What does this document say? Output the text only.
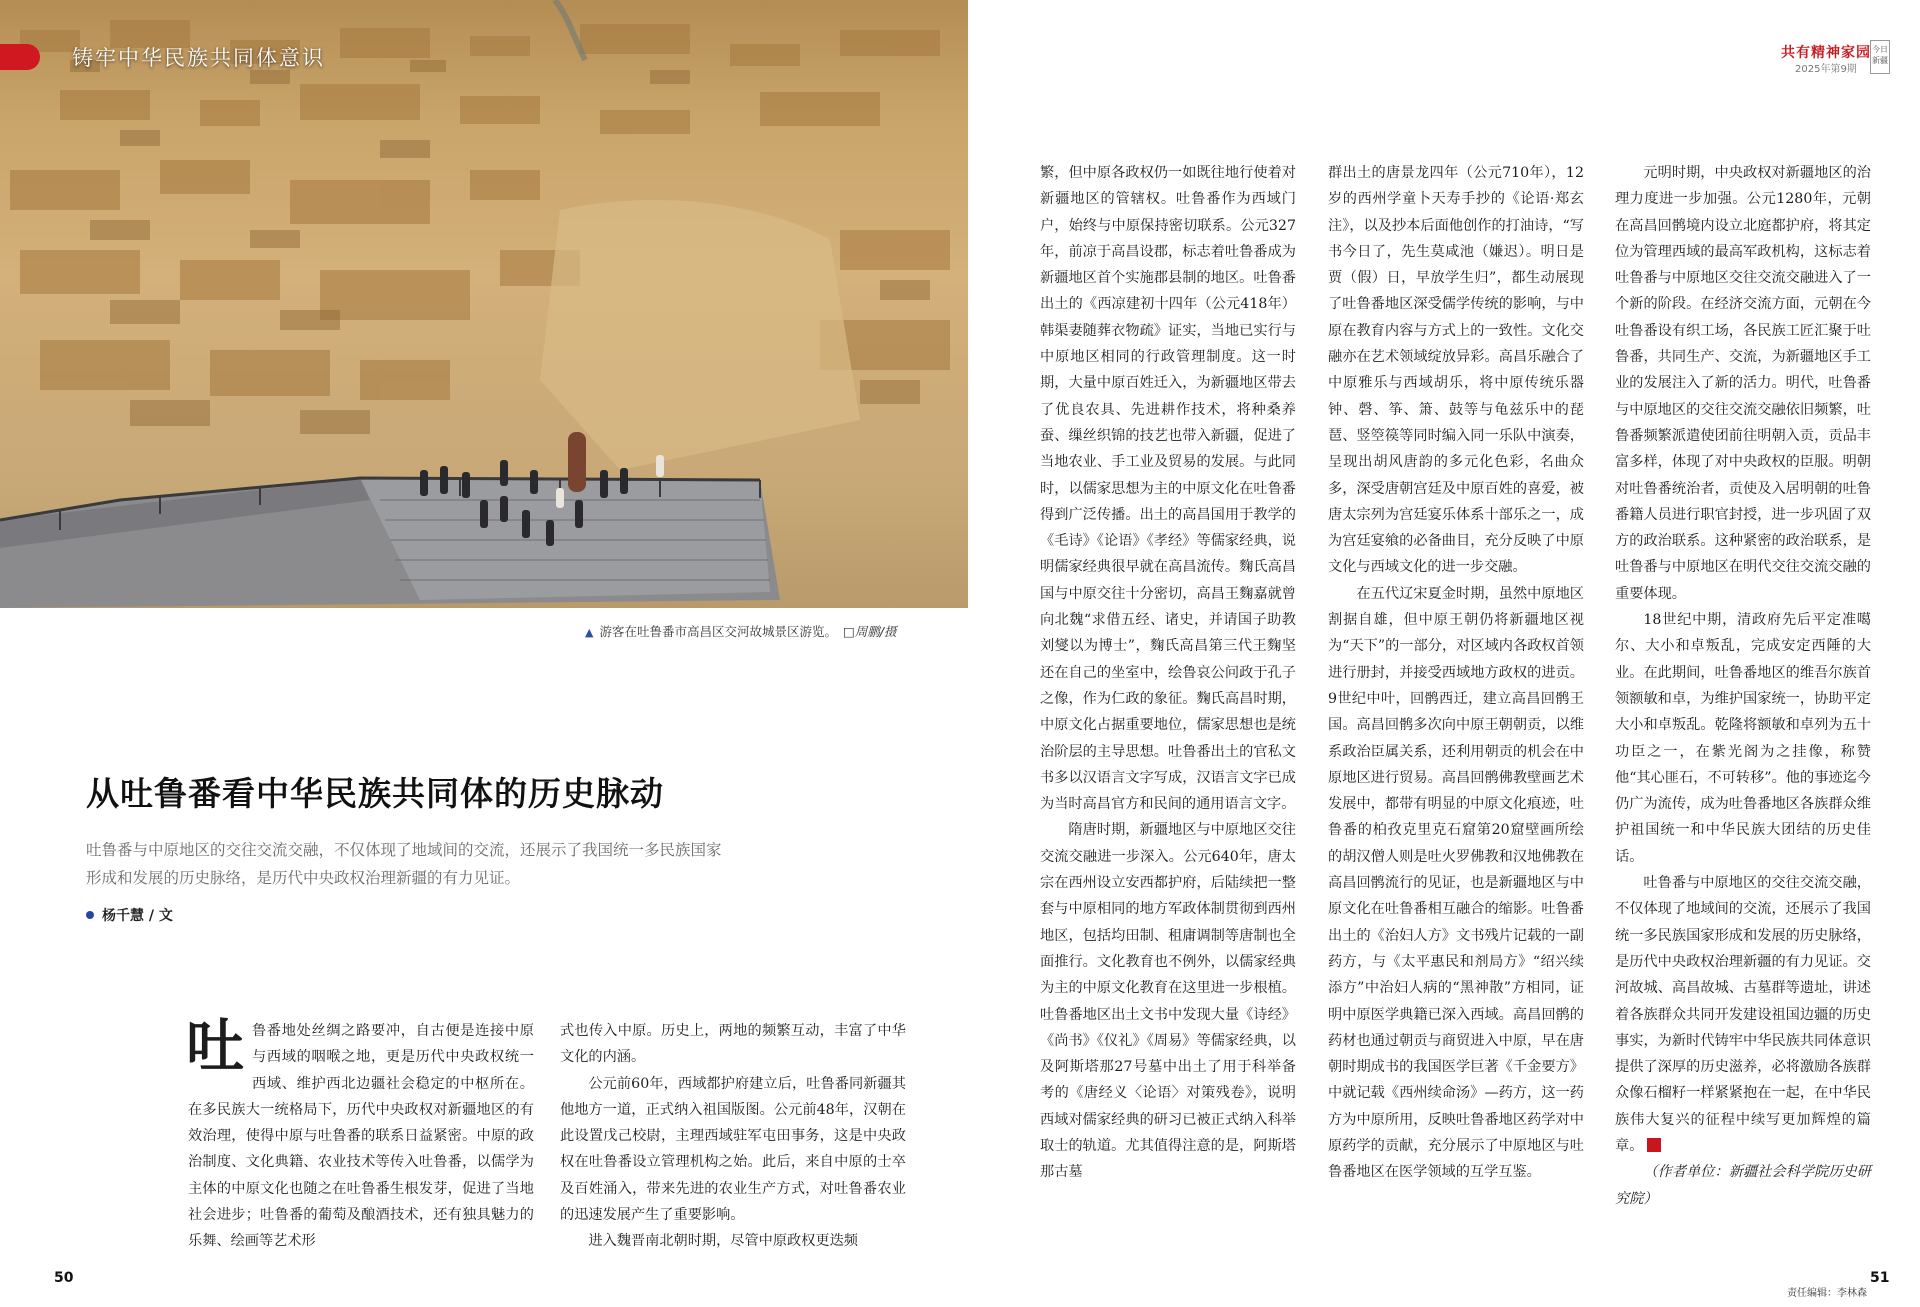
铸牢中华民族共同体意识
▲ 游客在吐鲁番市高昌区交河故城景区游览。 □周鹏/摄
共有精神家园
2025年第9期
今日新疆
从吐鲁番看中华民族共同体的历史脉动
吐鲁番与中原地区的交往交流交融，不仅体现了地域间的交流，还展示了我国统一多民族国家形成和发展的历史脉络，是历代中央政权治理新疆的有力见证。
杨千慧 / 文
吐 鲁番地处丝绸之路要冲，自古便是连接中原与西域的咽喉之地，更是历代中央政权统一西域、维护西北边疆社会稳定的中枢所在。在多民族大一统格局下，历代中央政权对新疆地区的有效治理，使得中原与吐鲁番的联系日益紧密。中原的政治制度、文化典籍、农业技术等传入吐鲁番，以儒学为主体的中原文化也随之在吐鲁番生根发芽，促进了当地社会进步；吐鲁番的葡萄及酿酒技术，还有独具魅力的乐舞、绘画等艺术形

式也传入中原。历史上，两地的频繁互动，丰富了中华文化的内涵。

公元前60年，西域都护府建立后，吐鲁番同新疆其他地方一道，正式纳入祖国版图。公元前48年，汉朝在此设置戊己校尉，主理西域驻军屯田事务，这是中央政权在吐鲁番设立管理机构之始。此后，来自中原的士卒及百姓涌入，带来先进的农业生产方式，对吐鲁番农业的迅速发展产生了重要影响。

进入魏晋南北朝时期，尽管中原政权更迭频

繁，但中原各政权仍一如既往地行使着对新疆地区的管辖权。吐鲁番作为西域门户，始终与中原保持密切联系。公元327年，前凉于高昌设郡，标志着吐鲁番成为新疆地区首个实施郡县制的地区。吐鲁番出土的《西凉建初十四年（公元418年）韩渠妻随葬衣物疏》证实，当地已实行与中原地区相同的行政管理制度。这一时期，大量中原百姓迁入，为新疆地区带去了优良农具、先进耕作技术，将种桑养蚕、缫丝织锦的技艺也带入新疆，促进了当地农业、手工业及贸易的发展。与此同时，以儒家思想为主的中原文化在吐鲁番得到广泛传播。出土的高昌国用于教学的《毛诗》《论语》《孝经》等儒家经典，说明儒家经典很早就在高昌流传。麴氏高昌国与中原交往十分密切，高昌王麴嘉就曾向北魏“求借五经、诸史，并请国子助教刘燮以为博士”，麴氏高昌第三代王麴坚还在自己的坐室中，绘鲁哀公问政于孔子之像，作为仁政的象征。麴氏高昌时期，中原文化占据重要地位，儒家思想也是统治阶层的主导思想。吐鲁番出土的官私文书多以汉语言文字写成，汉语言文字已成为当时高昌官方和民间的通用语言文字。

隋唐时期，新疆地区与中原地区交往交流交融进一步深入。公元640年，唐太宗在西州设立安西都护府，后陆续把一整套与中原相同的地方军政体制贯彻到西州地区，包括均田制、租庸调制等唐制也全面推行。文化教育也不例外，以儒家经典为主的中原文化教育在这里进一步根植。吐鲁番地区出土文书中发现大量《诗经》《尚书》《仪礼》《周易》等儒家经典，以及阿斯塔那27号墓中出土了用于科举备考的《唐经义〈论语〉对策残卷》，说明西域对儒家经典的研习已被正式纳入科举取士的轨道。尤其值得注意的是，阿斯塔那古墓

群出土的唐景龙四年（公元710年），12岁的西州学童卜天寿手抄的《论语·郑玄注》，以及抄本后面他创作的打油诗，“写书今日了，先生莫咸池（嫌迟）。明日是贾（假）日，早放学生归”，都生动展现了吐鲁番地区深受儒学传统的影响，与中原在教育内容与方式上的一致性。文化交融亦在艺术领域绽放异彩。高昌乐融合了中原雅乐与西域胡乐，将中原传统乐器钟、磬、筝、箫、鼓等与龟兹乐中的琵琶、竖箜篌等同时编入同一乐队中演奏，呈现出胡风唐韵的多元化色彩，名曲众多，深受唐朝宫廷及中原百姓的喜爱，被唐太宗列为宫廷宴乐体系十部乐之一，成为宫廷宴飨的必备曲目，充分反映了中原文化与西域文化的进一步交融。

在五代辽宋夏金时期，虽然中原地区割据自雄，但中原王朝仍将新疆地区视为“天下”的一部分，对区域内各政权首领进行册封，并接受西域地方政权的进贡。9世纪中叶，回鹘西迁，建立高昌回鹘王国。高昌回鹘多次向中原王朝朝贡，以维系政治臣属关系，还利用朝贡的机会在中原地区进行贸易。高昌回鹘佛教壁画艺术发展中，都带有明显的中原文化痕迹，吐鲁番的柏孜克里克石窟第20窟壁画所绘的胡汉僧人则是吐火罗佛教和汉地佛教在高昌回鹘流行的见证，也是新疆地区与中原文化在吐鲁番相互融合的缩影。吐鲁番出土的《治妇人方》文书残片记载的一副药方，与《太平惠民和剂局方》“绍兴续添方”中治妇人病的“黑神散”方相同，证明中原医学典籍已深入西域。高昌回鹘的药材也通过朝贡与商贸进入中原，早在唐朝时期成书的我国医学巨著《千金要方》中就记载《西州续命汤》—药方，这一药方为中原所用，反映吐鲁番地区药学对中原药学的贡献，充分展示了中原地区与吐鲁番地区在医学领域的互学互鉴。

元明时期，中央政权对新疆地区的治理力度进一步加强。公元1280年，元朝在高昌回鹘境内设立北庭都护府，将其定位为管理西域的最高军政机构，这标志着吐鲁番与中原地区交往交流交融进入了一个新的阶段。在经济交流方面，元朝在今吐鲁番设有织工场，各民族工匠汇聚于吐鲁番，共同生产、交流，为新疆地区手工业的发展注入了新的活力。明代，吐鲁番与中原地区的交往交流交融依旧频繁，吐鲁番频繁派遣使团前往明朝入贡，贡品丰富多样，体现了对中央政权的臣服。明朝对吐鲁番统治者，贡使及入居明朝的吐鲁番籍人员进行职官封授，进一步巩固了双方的政治联系。这种紧密的政治联系，是吐鲁番与中原地区在明代交往交流交融的重要体现。

18世纪中期，清政府先后平定准噶尔、大小和卓叛乱，完成安定西陲的大业。在此期间，吐鲁番地区的维吾尔族首领额敏和卓，为维护国家统一，协助平定大小和卓叛乱。乾隆将额敏和卓列为五十功臣之一，在紫光阁为之挂像，称赞他“其心匪石，不可转移”。他的事迹迄今仍广为流传，成为吐鲁番地区各族群众维护祖国统一和中华民族大团结的历史佳话。

吐鲁番与中原地区的交往交流交融，不仅体现了地域间的交流，还展示了我国统一多民族国家形成和发展的历史脉络，是历代中央政权治理新疆的有力见证。交河故城、高昌故城、古墓群等遗址，讲述着各族群众共同开发建设祖国边疆的历史事实，为新时代铸牢中华民族共同体意识提供了深厚的历史滋养，必将激励各族群众像石榴籽一样紧紧抱在一起，在中华民族伟大复兴的征程中续写更加辉煌的篇章。

（作者单位：新疆社会科学院历史研究院）

责任编辑：李林森
50	51
